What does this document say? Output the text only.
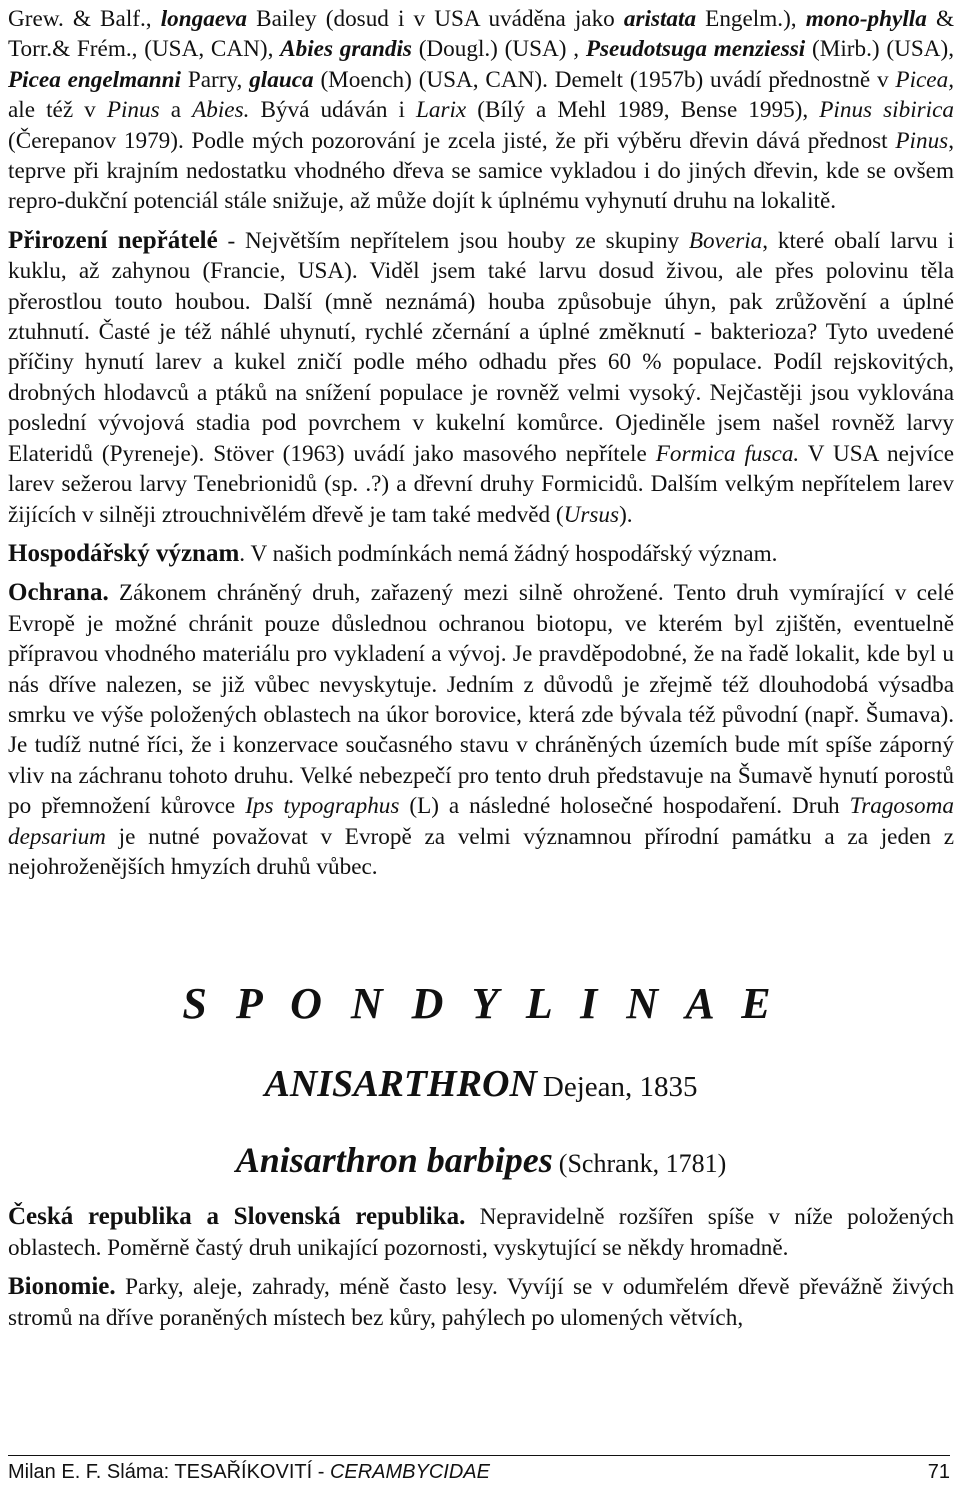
Grew. & Balf., longaeva Bailey (dosud i v USA uváděna jako aristata Engelm.), mono-phylla & Torr.& Frém., (USA, CAN), Abies grandis (Dougl.) (USA) , Pseudotsuga menziessi (Mirb.) (USA), Picea engelmanni Parry, glauca (Moench) (USA, CAN). Demelt (1957b) uvádí přednostně v Picea, ale též v Pinus a Abies. Bývá udáván i Larix (Bílý a Mehl 1989, Bense 1995), Pinus sibirica (Čerepanov 1979). Podle mých pozorování je zcela jisté, že při výběru dřevin dává přednost Pinus, teprve při krajním nedostatku vhodného dřeva se samice vykladou i do jiných dřevin, kde se ovšem repro-dukční potenciál stále snižuje, až může dojít k úplnému vyhynutí druhu na lokalitě.

Přirození nepřátelé - Největším nepřítelem jsou houby ze skupiny Boveria, které obalí larvu i kuklu, až zahynou (Francie, USA). Viděl jsem také larvu dosud živou, ale přes polovinu těla přerostlou touto houbou. Další (mně neznámá) houba způsobuje úhyn, pak zrůžovění a úplné ztuhnutí. Časté je též náhlé uhynutí, rychlé zčernání a úplné změknutí - bakterioza? Tyto uvedené příčiny hynutí larev a kukel zničí podle mého odhadu přes 60 % populace. Podíl rejskovitých, drobných hlodavců a ptáků na snížení populace je rovněž velmi vysoký. Nejčastěji jsou vyklována poslední vývojová stadia pod povrchem v kukelní komůrce. Ojediněle jsem našel rovněž larvy Elateridů (Pyreneje). Stöver (1963) uvádí jako masového nepřítele Formica fusca. V USA nejvíce larev sežerou larvy Tenebrionidů (sp. .?) a dřevní druhy Formicidů. Dalším velkým nepřítelem larev žijících v silněji ztrouchnivělém dřevě je tam také medvěd (Ursus).

Hospodářský význam. V našich podmínkách nemá žádný hospodářský význam.

Ochrana. Zákonem chráněný druh, zařazený mezi silně ohrožené. Tento druh vymírající v celé Evropě je možné chránit pouze důslednou ochranou biotopu, ve kterém byl zjištěn, eventuelně přípravou vhodného materiálu pro vykladení a vývoj. Je pravděpodobné, že na řadě lokalit, kde byl u nás dříve nalezen, se již vůbec nevyskytuje. Jedním z důvodů je zřejmě též dlouhodobá výsadba smrku ve výše položených oblastech na úkor borovice, která zde bývala též původní (např. Šumava). Je tudíž nutné říci, že i konzervace současného stavu v chráněných územích bude mít spíše záporný vliv na záchranu tohoto druhu. Velké nebezpečí pro tento druh představuje na Šumavě hynutí porostů po přemnožení kůrovce Ips typographus (L) a následné holosečné hospodaření. Druh Tragosoma depsarium je nutné považovat v Evropě za velmi významnou přírodní památku a za jeden z nejohroženějších hmyzích druhů vůbec.

S P O N D Y L I N A E
ANISARTHRON Dejean, 1835
Anisarthron barbipes (Schrank, 1781)

Česká republika a Slovenská republika. Nepravidelně rozšířen spíše v níže položených oblastech. Poměrně častý druh unikající pozornosti, vyskytující se někdy hromadně.

Bionomie. Parky, aleje, zahrady, méně často lesy. Vyvíjí se v odumřelém dřevě převážně živých stromů na dříve poraněných místech bez kůry, pahýlech po ulomených větvích,

Milan E. F. Sláma: TESAŘÍKOVITÍ - CERAMBYCIDAE	71
